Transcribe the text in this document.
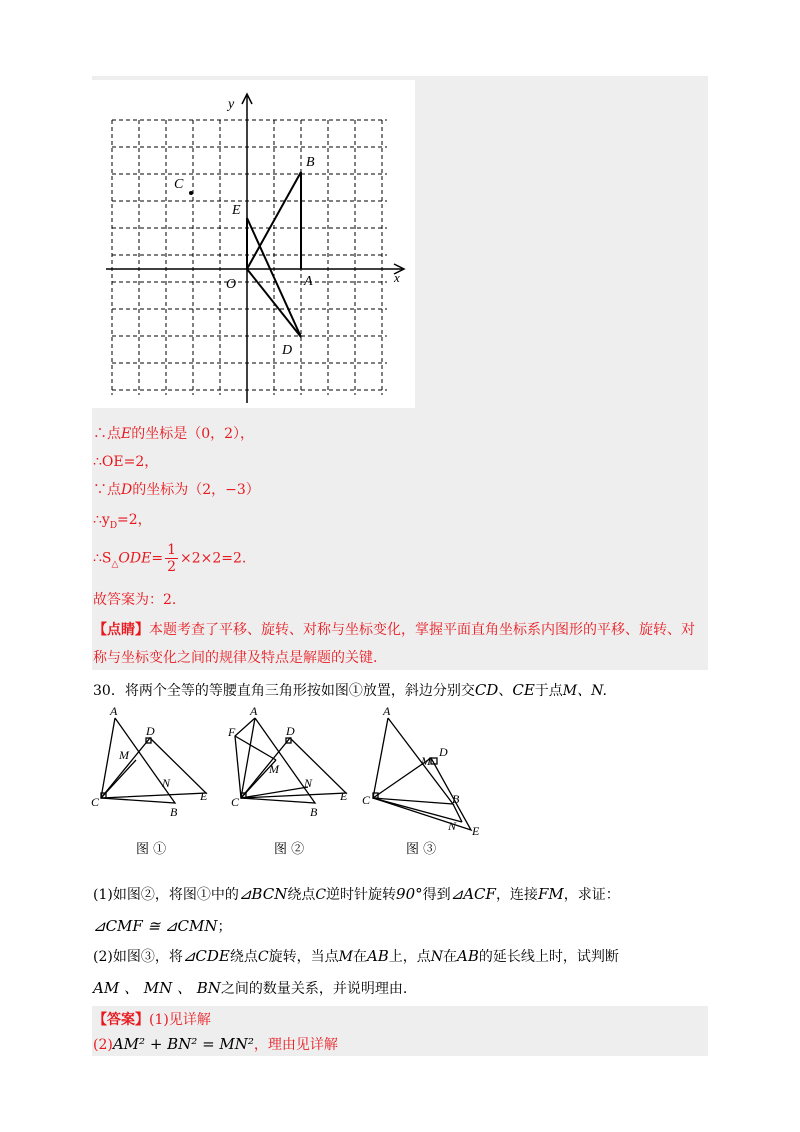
y
x
O	A
B
C
D
E
∴点E的坐标是（0，2），
∴OE=2，
∵点D的坐标为（2，−3）
$\therefore y_D=2$，
$\therefore S_\triangle ODE= \frac{1}{2} \times 2\times 2=2$.
故答案为：2.
【点睛】本题考查了平移、旋转、对称与坐标变化，掌握平面直角坐标系内图形的平移、旋转、对
称与坐标变化之间的规律及特点是解题的关键.
30．将两个全等的等腰直角三角形按如图①放置，斜边分别交CD、CE于点M、N.
A
D
M
N
C	E
B
A
F	D
M
N
C	E
B
A
M
D
C	B
N E
图 ①	图 ②	图 ③
(1)如图②，将图①中的⊿BCN绕点C逆时针旋转90°得到⊿ACF，连接FM，求证：
⊿CMF ≅ ⊿CMN；
(2)如图③，将⊿CDE绕点C旋转，当点M在AB上，点N在AB的延长线上时，试判断
AM 、 MN 、 BN之间的数量关系，并说明理由.
【答案】(1)见详解
(2)AM² + BN² = MN²，理由见详解
